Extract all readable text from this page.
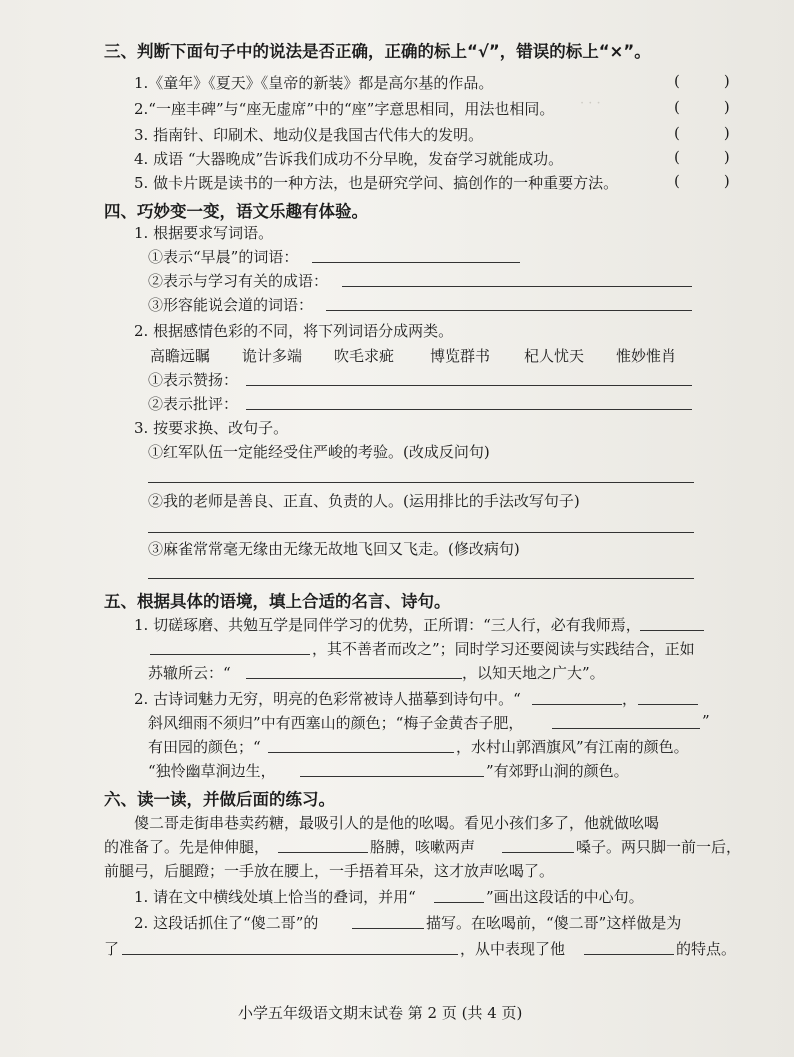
· · ·
三、判断下面句子中的说法是否正确，正确的标上“√”，错误的标上“×”。
1.《童年》《夏天》《皇帝的新装》都是高尔基的作品。	(	)
2.“一座丰碑”与“座无虚席”中的“座”字意思相同，用法也相同。	(	)
3. 指南针、印刷术、地动仪是我国古代伟大的发明。	(	)
4. 成语 “大器晚成”告诉我们成功不分早晚，发奋学习就能成功。	(	)
5. 做卡片既是读书的一种方法，也是研究学问、搞创作的一种重要方法。	(	)
四、巧妙变一变，语文乐趣有体验。
1. 根据要求写词语。
①表示“早晨”的词语：
②表示与学习有关的成语：
③形容能说会道的词语：
2. 根据感情色彩的不同，将下列词语分成两类。
高瞻远瞩 诡计多端 吹毛求疵 博览群书 杞人忧天 惟妙惟肖
①表示赞扬：
②表示批评：
3. 按要求换、改句子。
①红军队伍一定能经受住严峻的考验。(改成反问句)
②我的老师是善良、正直、负责的人。(运用排比的手法改写句子)
③麻雀常常毫无缘由无缘无故地飞回又飞走。(修改病句)
五、根据具体的语境，填上合适的名言、诗句。
1. 切磋琢磨、共勉互学是同伴学习的优势，正所谓：“三人行，必有我师焉，
，其不善者而改之”；同时学习还要阅读与实践结合，正如
苏辙所云：“	，以知天地之广大”。
2. 古诗词魅力无穷，明亮的色彩常被诗人描摹到诗句中。“	，
斜风细雨不须归”中有西塞山的颜色；“梅子金黄杏子肥，	”
有田园的颜色；“	，水村山郭酒旗风”有江南的颜色。
“独怜幽草涧边生，	”有郊野山涧的颜色。
六、读一读，并做后面的练习。
傻二哥走街串巷卖药糖，最吸引人的是他的吆喝。看见小孩们多了，他就做吆喝
的准备了。先是伸伸腿，	胳膊，咳嗽两声	嗓子。两只脚一前一后，
前腿弓，后腿蹬；一手放在腰上，一手捂着耳朵，这才放声吆喝了。
1. 请在文中横线处填上恰当的叠词，并用“	”画出这段话的中心句。
2. 这段话抓住了“傻二哥”的	描写。在吆喝前，“傻二哥”这样做是为
了	，从中表现了他	的特点。
小学五年级语文期末试卷 第 2 页 (共 4 页)
